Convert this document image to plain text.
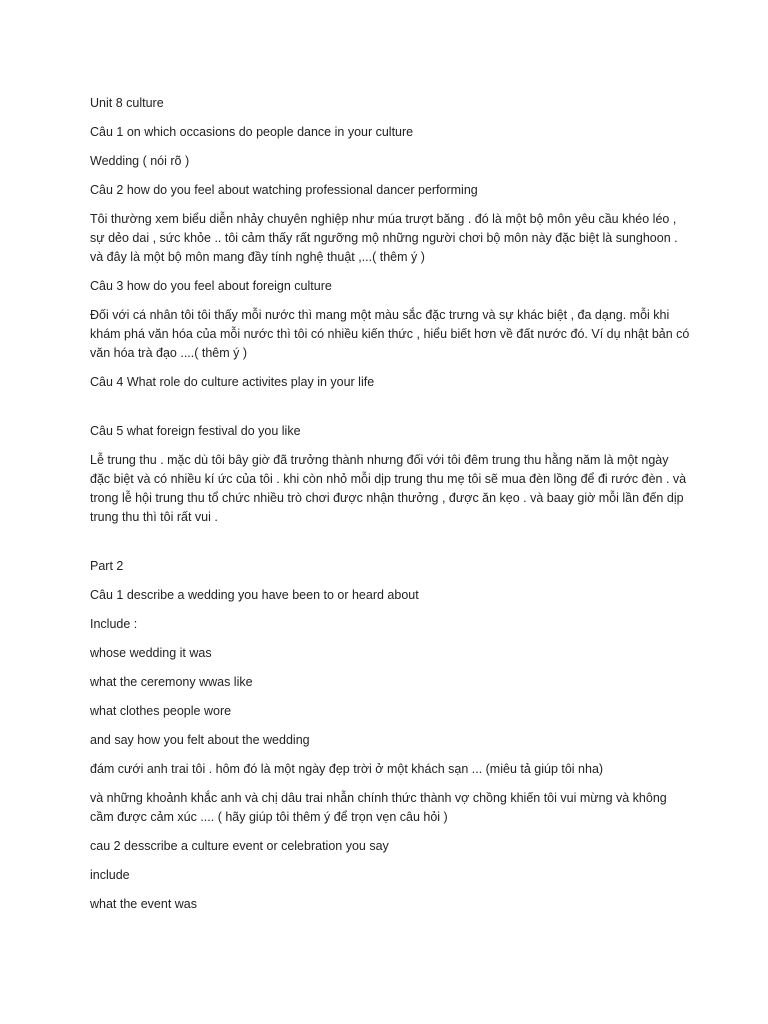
Unit 8 culture

Câu 1 on which occasions do people dance in your culture

Wedding ( nói rõ )

Câu 2 how do you feel about watching professional dancer performing

Tôi thường xem biểu diễn nhảy chuyên nghiệp như múa trượt băng . đó là một bộ môn yêu cầu khéo léo , sự dẻo dai , sức khỏe .. tôi cảm thấy rất ngưỡng mộ những người chơi bộ môn này đặc biệt là sunghoon . và đây là một bộ môn mang đầy tính nghệ thuật ,...( thêm ý )

Câu 3 how do you feel about foreign culture

Đối với cá nhân tôi tôi thấy mỗi nước thì mang một màu sắc đặc trưng và sự khác biệt , đa dạng. mỗi khi khám phá văn hóa của mỗi nước thì tôi có nhiều kiến thức , hiểu biết hơn về đất nước đó. Ví dụ nhật bản có văn hóa trà đạo ....( thêm ý )

Câu 4 What role do culture activites play in your life

Câu 5 what foreign festival do you like

Lễ trung thu . mặc dù tôi bây giờ đã trưởng thành nhưng đối với tôi đêm trung thu hằng năm là một ngày đặc biệt và có nhiều kí ức của tôi . khi còn nhỏ mỗi dịp trung thu mẹ tôi sẽ mua đèn lồng để đi rước đèn . và trong lễ hội trung thu tổ chức nhiều trò chơi được nhận thưởng , được ăn kẹo . và baay giờ mỗi lần đến dịp trung thu thì tôi rất vui .

Part 2

Câu 1 describe a wedding you have been to or heard about

Include :

whose wedding it was

what the ceremony wwas like

what clothes people wore

and say how you felt about the wedding

đám cưới anh trai tôi . hôm đó là một ngày đẹp trời ở một khách sạn ... (miêu tả giúp tôi nha)

và những khoảnh khắc anh và chị dâu trai nhẫn chính thức thành vợ chồng khiến tôi vui mừng và không cầm được cảm xúc .... ( hãy giúp tôi thêm ý để trọn vẹn câu hỏi )

cau 2 desscribe a culture event or celebration you say

include

what the event was
